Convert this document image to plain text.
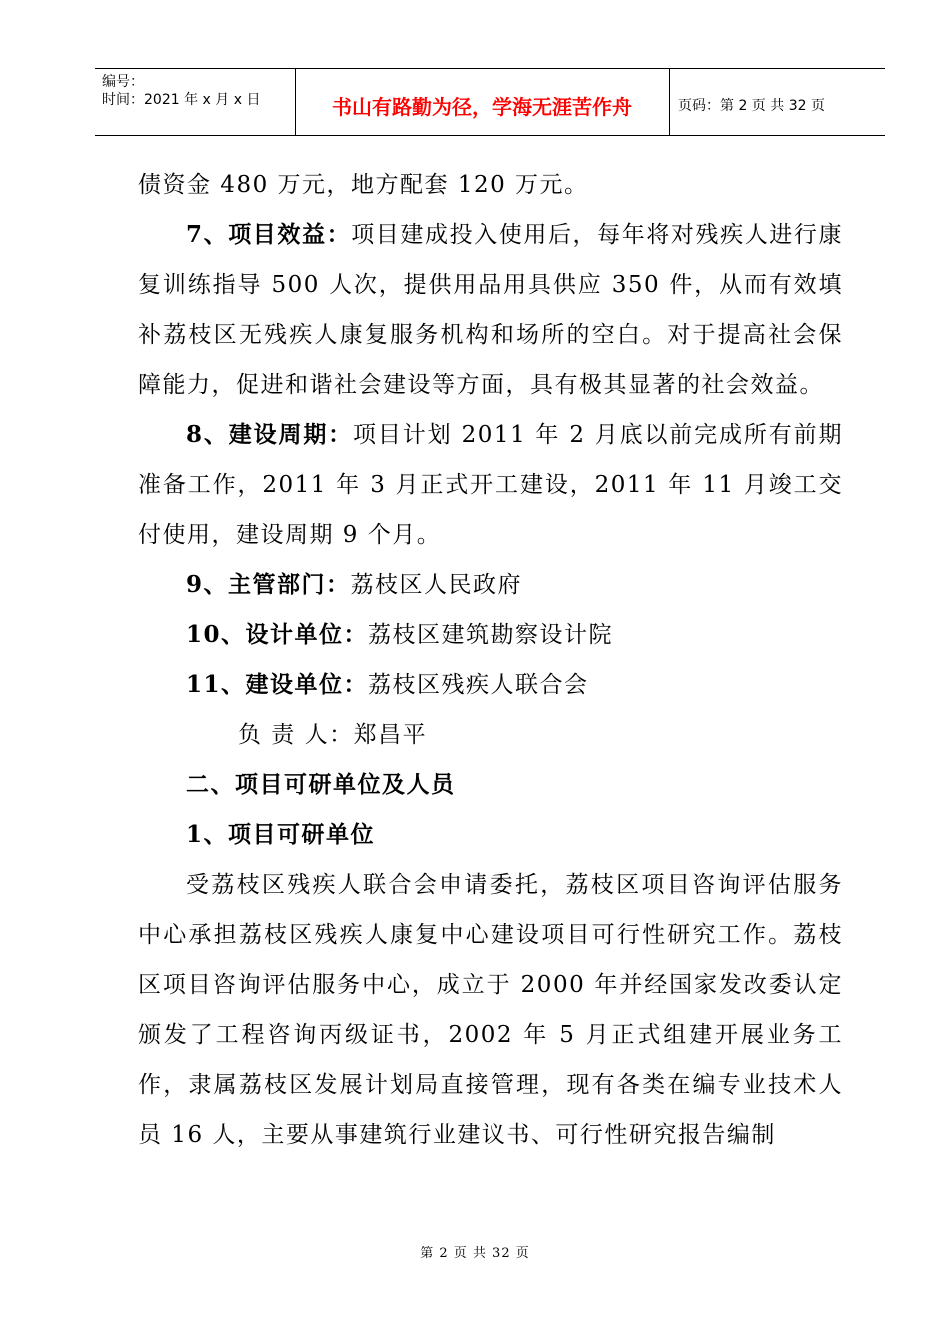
编号：
时间：2021 年 x 月 x 日	书山有路勤为径，学海无涯苦作舟	页码：第 2 页 共 32 页
债资金 480 万元，地方配套 120 万元。
7、项目效益：项目建成投入使用后，每年将对残疾人进行康复训练指导 500 人次，提供用品用具供应 350 件，从而有效填补荔枝区无残疾人康复服务机构和场所的空白。对于提高社会保障能力，促进和谐社会建设等方面，具有极其显著的社会效益。
8、建设周期：项目计划 2011 年 2 月底以前完成所有前期准备工作，2011 年 3 月正式开工建设，2011 年 11 月竣工交付使用，建设周期 9 个月。
9、主管部门：荔枝区人民政府
10、设计单位：荔枝区建筑勘察设计院
11、建设单位：荔枝区残疾人联合会
负 责 人：郑昌平
二、项目可研单位及人员
1、项目可研单位
受荔枝区残疾人联合会申请委托，荔枝区项目咨询评估服务中心承担荔枝区残疾人康复中心建设项目可行性研究工作。荔枝区项目咨询评估服务中心，成立于 2000 年并经国家发改委认定颁发了工程咨询丙级证书，2002 年 5 月正式组建开展业务工作，隶属荔枝区发展计划局直接管理，现有各类在编专业技术人员 16 人，主要从事建筑行业建议书、可行性研究报告编制
第 2 页 共 32 页
